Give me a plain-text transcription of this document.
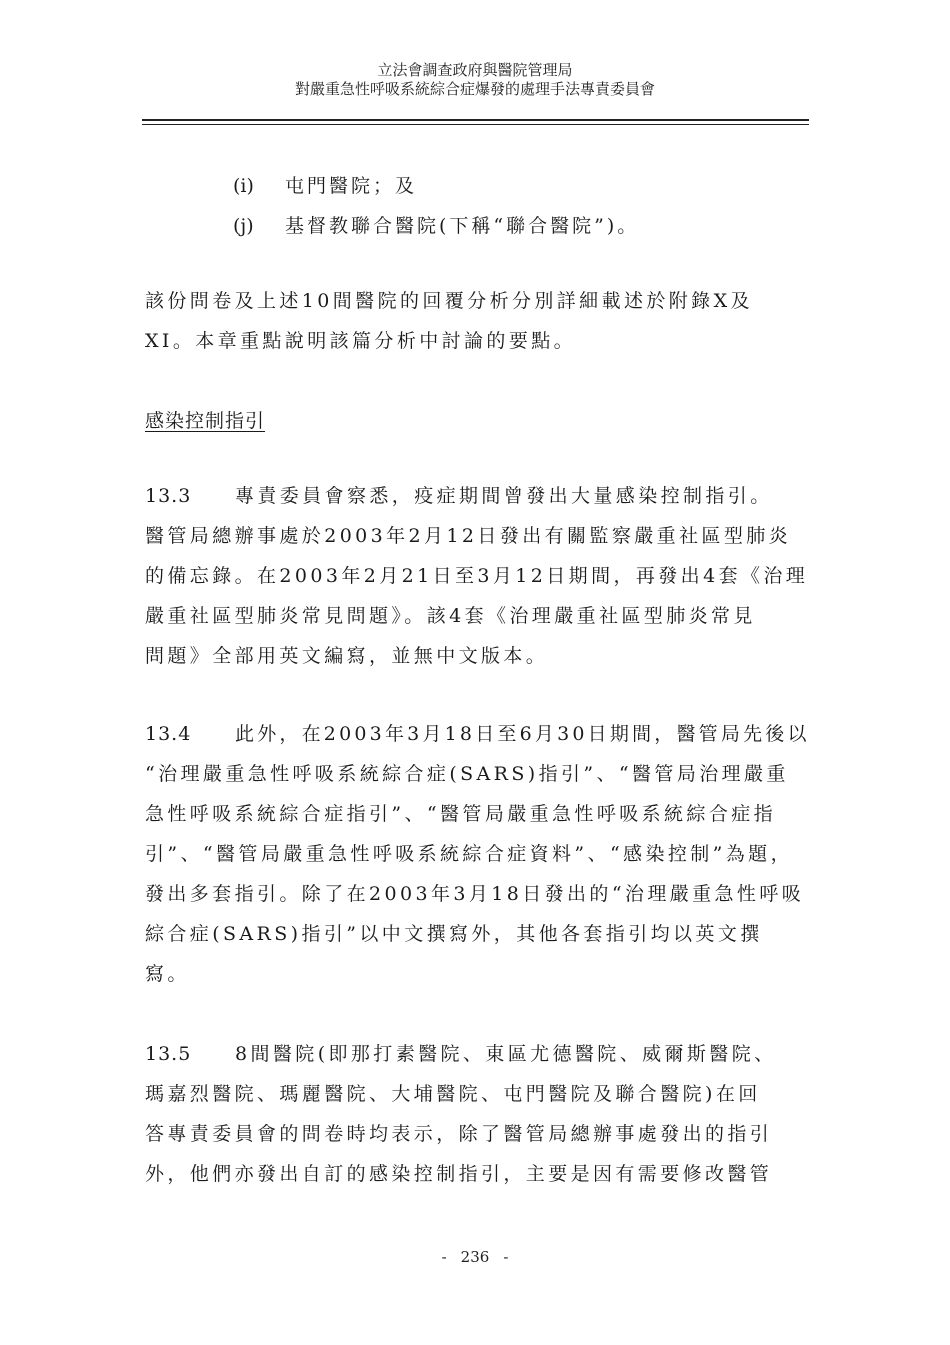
立法會調查政府與醫院管理局
對嚴重急性呼吸系統綜合症爆發的處理手法專責委員會
(i) 屯門醫院；及
(j) 基督教聯合醫院(下稱“聯合醫院”)。
該份問卷及上述10間醫院的回覆分析分別詳細載述於附錄X及
XI。本章重點說明該篇分析中討論的要點。
感染控制指引
13.3 專責委員會察悉，疫症期間曾發出大量感染控制指引。
醫管局總辦事處於2003年2月12日發出有關監察嚴重社區型肺炎
的備忘錄。在2003年2月21日至3月12日期間，再發出4套《治理
嚴重社區型肺炎常見問題》。該4套《治理嚴重社區型肺炎常見
問題》全部用英文編寫，並無中文版本。
13.4 此外，在2003年3月18日至6月30日期間，醫管局先後以
“治理嚴重急性呼吸系統綜合症(SARS)指引”、“醫管局治理嚴重
急性呼吸系統綜合症指引”、“醫管局嚴重急性呼吸系統綜合症指
引”、“醫管局嚴重急性呼吸系統綜合症資料”、“感染控制”為題，
發出多套指引。除了在2003年3月18日發出的“治理嚴重急性呼吸
綜合症(SARS)指引”以中文撰寫外，其他各套指引均以英文撰
寫。
13.5 8間醫院(即那打素醫院、東區尤德醫院、威爾斯醫院、
瑪嘉烈醫院、瑪麗醫院、大埔醫院、屯門醫院及聯合醫院)在回
答專責委員會的問卷時均表示，除了醫管局總辦事處發出的指引
外，他們亦發出自訂的感染控制指引，主要是因有需要修改醫管
- 236 -
